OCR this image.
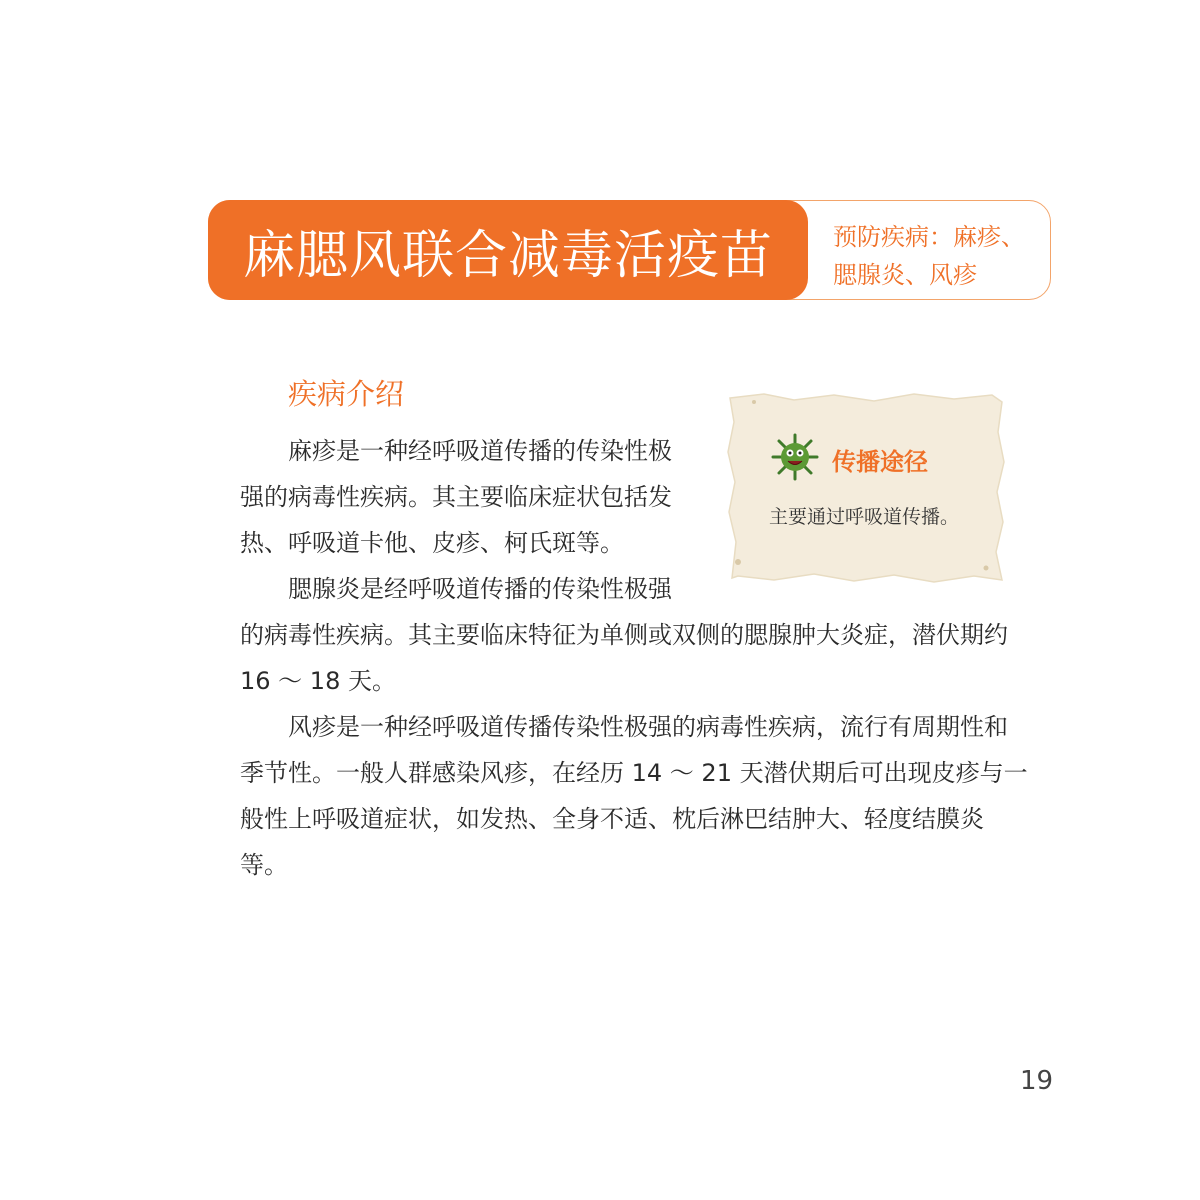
麻腮风联合减毒活疫苗	预防疾病：麻疹、
腮腺炎、风疹
疾病介绍
麻疹是一种经呼吸道传播的传染性极
强的病毒性疾病。其主要临床症状包括发
热、呼吸道卡他、皮疹、柯氏斑等。
腮腺炎是经呼吸道传播的传染性极强
的病毒性疾病。其主要临床特征为单侧或双侧的腮腺肿大炎症，潜伏期约 16 ～ 18 天。

风疹是一种经呼吸道传播传染性极强的病毒性疾病，流行有周期性和季节性。一般人群感染风疹，在经历 14 ～ 21 天潜伏期后可出现皮疹与一般性上呼吸道症状，如发热、全身不适、枕后淋巴结肿大、轻度结膜炎等。

传播途径
主要通过呼吸道传播。
19
